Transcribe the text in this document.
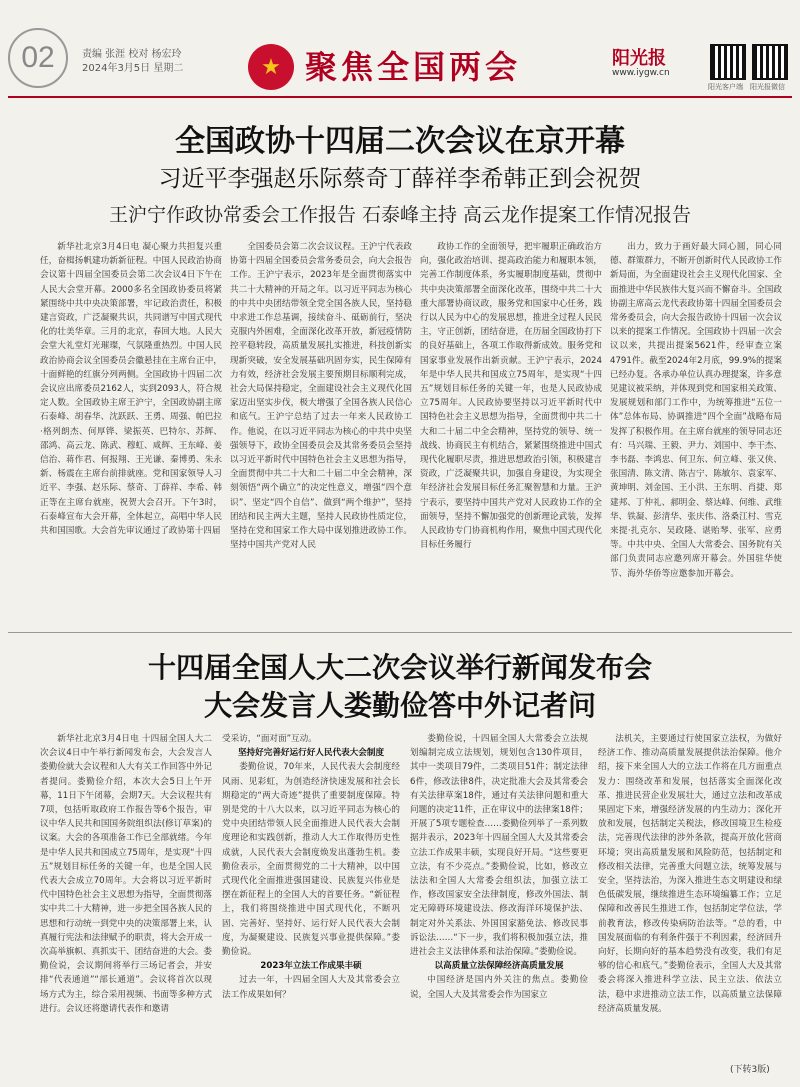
02	责编 张涯 校对 杨宏玲
2024年3月5日 星期二	★ 聚焦全国两会	阳光报
www.iygw.cn
阳光客户端 阳光报微信
全国政协十四届二次会议在京开幕
习近平李强赵乐际蔡奇丁薛祥李希韩正到会祝贺
王沪宁作政协常委会工作报告 石泰峰主持 高云龙作提案工作情况报告

新华社北京3月4日电 凝心聚力共担复兴重任，奋楫扬帆建功新新征程。中国人民政治协商会议第十四届全国委员会第二次会议4日下午在人民大会堂开幕。2000多名全国政协委员将紧紧围绕中共中央决策部署，牢记政治责任，积极建言资政，广泛凝聚共识，共同谱写中国式现代化的壮美华章。三月的北京，春回大地。人民大会堂大礼堂灯光璀璨，气氛隆重热烈。中国人民政治协商会议全国委员会徽悬挂在主席台正中，十面鲜艳的红旗分列两侧。全国政协十四届二次会议应出席委员2162人，实到2093人，符合规定人数。全国政协主席王沪宁，全国政协副主席石泰峰、胡春华、沈跃跃、王勇、周强、帕巴拉·格列朗杰、何厚铧、梁振英、巴特尔、苏辉、邵鸿、高云龙、陈武、穆虹、咸辉、王东峰、姜信治、蒋作君、何报翔、王光谦、秦博勇、朱永新、杨震在主席台前排就座。党和国家领导人习近平、李强、赵乐际、蔡奇、丁薛祥、李希、韩正等在主席台就座，祝贺大会召开。下午3时，石泰峰宣布大会开幕，全体起立，高唱中华人民共和国国歌。大会首先审议通过了政协第十四届

全国委员会第二次会议议程。王沪宁代表政协第十四届全国委员会常务委员会，向大会报告工作。王沪宁表示，2023年是全面贯彻落实中共二十大精神的开局之年。以习近平同志为核心的中共中央团结带领全党全国各族人民，坚持稳中求进工作总基调，接续奋斗、砥砺前行，坚决克服内外困难，全面深化改革开放，新冠疫情防控平稳转段，高质量发展扎实推进，科技创新实现新突破，安全发展基础巩固夯实，民生保障有力有效，经济社会发展主要预期目标顺利完成，社会大局保持稳定，全面建设社会主义现代化国家迈出坚实步伐，极大增强了全国各族人民信心和底气。王沪宁总结了过去一年来人民政协工作。他说，在以习近平同志为核心的中共中央坚强领导下，政协全国委员会及其常务委员会坚持以习近平新时代中国特色社会主义思想为指导，全面贯彻中共二十大和二十届二中全会精神，深刻领悟“两个确立”的决定性意义，增强“四个意识”、坚定“四个自信”、做到“两个维护”，坚持团结和民主两大主题，坚持人民政协性质定位，坚持在党和国家工作大局中谋划推进政协工作。坚持中国共产党对人民

政协工作的全面领导，把牢履职正确政治方向，强化政治培训、提高政治能力和履职本领，完善工作制度体系，务实履职制度基础，贯彻中共中央决策部署全面深化改革，围绕中共二十大重大部署协商议政，服务党和国家中心任务，践行以人民为中心的发展思想，推进全过程人民民主，守正创新，团结奋进，在历届全国政协打下的良好基础上，各项工作取得新成效。服务党和国家事业发展作出新贡献。王沪宁表示，2024年是中华人民共和国成立75周年，是实现“十四五”规划目标任务的关键一年，也是人民政协成立75周年。人民政协要坚持以习近平新时代中国特色社会主义思想为指导，全面贯彻中共二十大和二十届二中全会精神，坚持党的领导、统一战线、协商民主有机结合，紧紧围绕推进中国式现代化履职尽责，推进思想政治引领，积极建言资政，广泛凝聚共识，加强自身建设，为实现全年经济社会发展目标任务汇聚智慧和力量。王沪宁表示，要坚持中国共产党对人民政协工作的全面领导，坚持不懈加强党的创新理论武装，发挥人民政协专门协商机构作用，聚焦中国式现代化目标任务履行

出力，致力于画好最大同心圆，同心同德、群策群力，不断开创新时代人民政协工作新局面，为全面建设社会主义现代化国家、全面推进中华民族伟大复兴而不懈奋斗。全国政协副主席高云龙代表政协第十四届全国委员会常务委员会，向大会报告政协十四届一次会议以来的提案工作情况。全国政协十四届一次会议以来，共提出提案5621件，经审查立案4791件。截至2024年2月底，99.9%的提案已经办复。各承办单位认真办理提案，许多意见建议被采纳，并体现到党和国家相关政策、发展规划和部门工作中，为统筹推进“五位一体”总体布局、协调推进“四个全面”战略布局发挥了积极作用。在主席台就座的领导同志还有：马兴瑞、王毅、尹力、刘国中、李干杰、李书磊、李鸿忠、何卫东、何立峰、张又侠、张国清、陈文清、陈吉宁、陈敏尔、袁家军、黄坤明、刘金国、王小洪、王东明、肖捷、郑建邦、丁仲礼、郝明金、蔡达峰、何维、武维华、铁凝、彭清华、张庆伟、洛桑江村、雪克来提·扎克尔、吴政隆、谌贻琴、张军、应勇等。中共中央、全国人大常委会、国务院有关部门负责同志应邀列席开幕会。外国驻华使节、海外华侨等应邀参加开幕会。

十四届全国人大二次会议举行新闻发布会
大会发言人娄勤俭答中外记者问

新华社北京3月4日电 十四届全国人大二次会议4日中午举行新闻发布会，大会发言人娄勤俭就大会议程和人大有关工作回答中外记者提问。娄勤俭介绍，本次大会5日上午开幕，11日下午闭幕，会期7天。大会议程共有7项，包括听取政府工作报告等6个报告，审议中华人民共和国国务院组织法(修订草案)的议案。大会的各项准备工作已全部就绪。今年是中华人民共和国成立75周年，是实现“十四五”规划目标任务的关键一年，也是全国人民代表大会成立70周年。大会将以习近平新时代中国特色社会主义思想为指导，全面贯彻落实中共二十大精神，进一步把全国各族人民的思想和行动统一到党中央的决策部署上来，认真履行宪法和法律赋予的职责，将大会开成一次高举旗帜、真抓实干、团结奋进的大会。娄勤俭说，会议期间将举行三场记者会，并安排“代表通道”“部长通道”。会议将首次以现场方式为主，综合采用视频、书面等多种方式进行。会议还将邀请代表作和邀请

受采访，“面对面”互动。

坚持好完善好运行好人民代表大会制度

娄勤俭说，70年来，人民代表大会制度经风雨、见彩虹，为创造经济快速发展和社会长期稳定的“两大奇迹”提供了重要制度保障。特别是党的十八大以来，以习近平同志为核心的党中央团结带领人民全面推进人民代表大会制度理论和实践创新，推动人大工作取得历史性成就，人民代表大会制度焕发出蓬勃生机。娄勤俭表示，全面贯彻党的二十大精神，以中国式现代化全面推进强国建设、民族复兴伟业是摆在新征程上的全国人大的首要任务。“新征程上，我们将围绕推进中国式现代化，不断巩固、完善好、坚持好、运行好人民代表大会制度，为凝聚建设、民族复兴事业提供保障。”娄勤俭说。

2023年立法工作成果丰硕

过去一年，十四届全国人大及其常委会立法工作成果如何？

娄勤俭说，十四届全国人大常委会立法规划编制完成立法规划，规划包含130件项目，其中一类项目79件，二类项目51件；制定法律6件，修改法律8件，决定批准大会及其常委会有关法律草案18件，通过有关法律问题和重大问题的决定11件，正在审议中的法律案18件；开展了5项专题检查……娄勤俭列举了一系列数据并表示，2023年十四届全国人大及其常委会立法工作成果丰硕，实现良好开局。“这些要更立法，有不少亮点。”娄勤俭说，比如，修改立法法和全国人大常委会组织法，加强立法工作，修改国家安全法律制度，修改外国法、制定无障碍环境建设法、修改海洋环境保护法、制定对外关系法、外国国家豁免法、修改民事诉讼法……“下一步，我们将积极加强立法，推进社会主义法律体系和法治保障。”娄勤俭说。

以高质量立法保障经济高质量发展

中国经济是国内外关注的焦点。娄勤俭说，全国人大及其常委会作为国家立

法机关，主要通过行使国家立法权，为做好经济工作、推动高质量发展提供法治保障。他介绍，接下来全国人大的立法工作将在几方面重点发力：围绕改革和发展，包括落实全面深化改革、推进民营企业发展壮大，通过立法和改革成果固定下来，增强经济发展的内生动力；深化开放和发展，包括制定关税法，修改国境卫生检疫法，完善现代法律的涉外条款，提高开放化营商环境；突出高质量发展和风险防范，包括制定和修改相关法律，完善重大问题立法，统筹发展与安全，坚持法治，为深入推进生态文明建设和绿色低碳发展，继续推进生态环境编纂工作；立足保障和改善民生推进工作，包括制定学位法，学前教育法，修改传染病防治法等。“总的看，中国发展面临的有利条件强于不利因素，经济回升向好，长期向好的基本趋势没有改变，我们有足够的信心和底气。”娄勤俭表示，全国人大及其常委会将深入推进科学立法、民主立法、依法立法，稳中求进推动立法工作，以高质量立法保障经济高质量发展。

(下转3版)
